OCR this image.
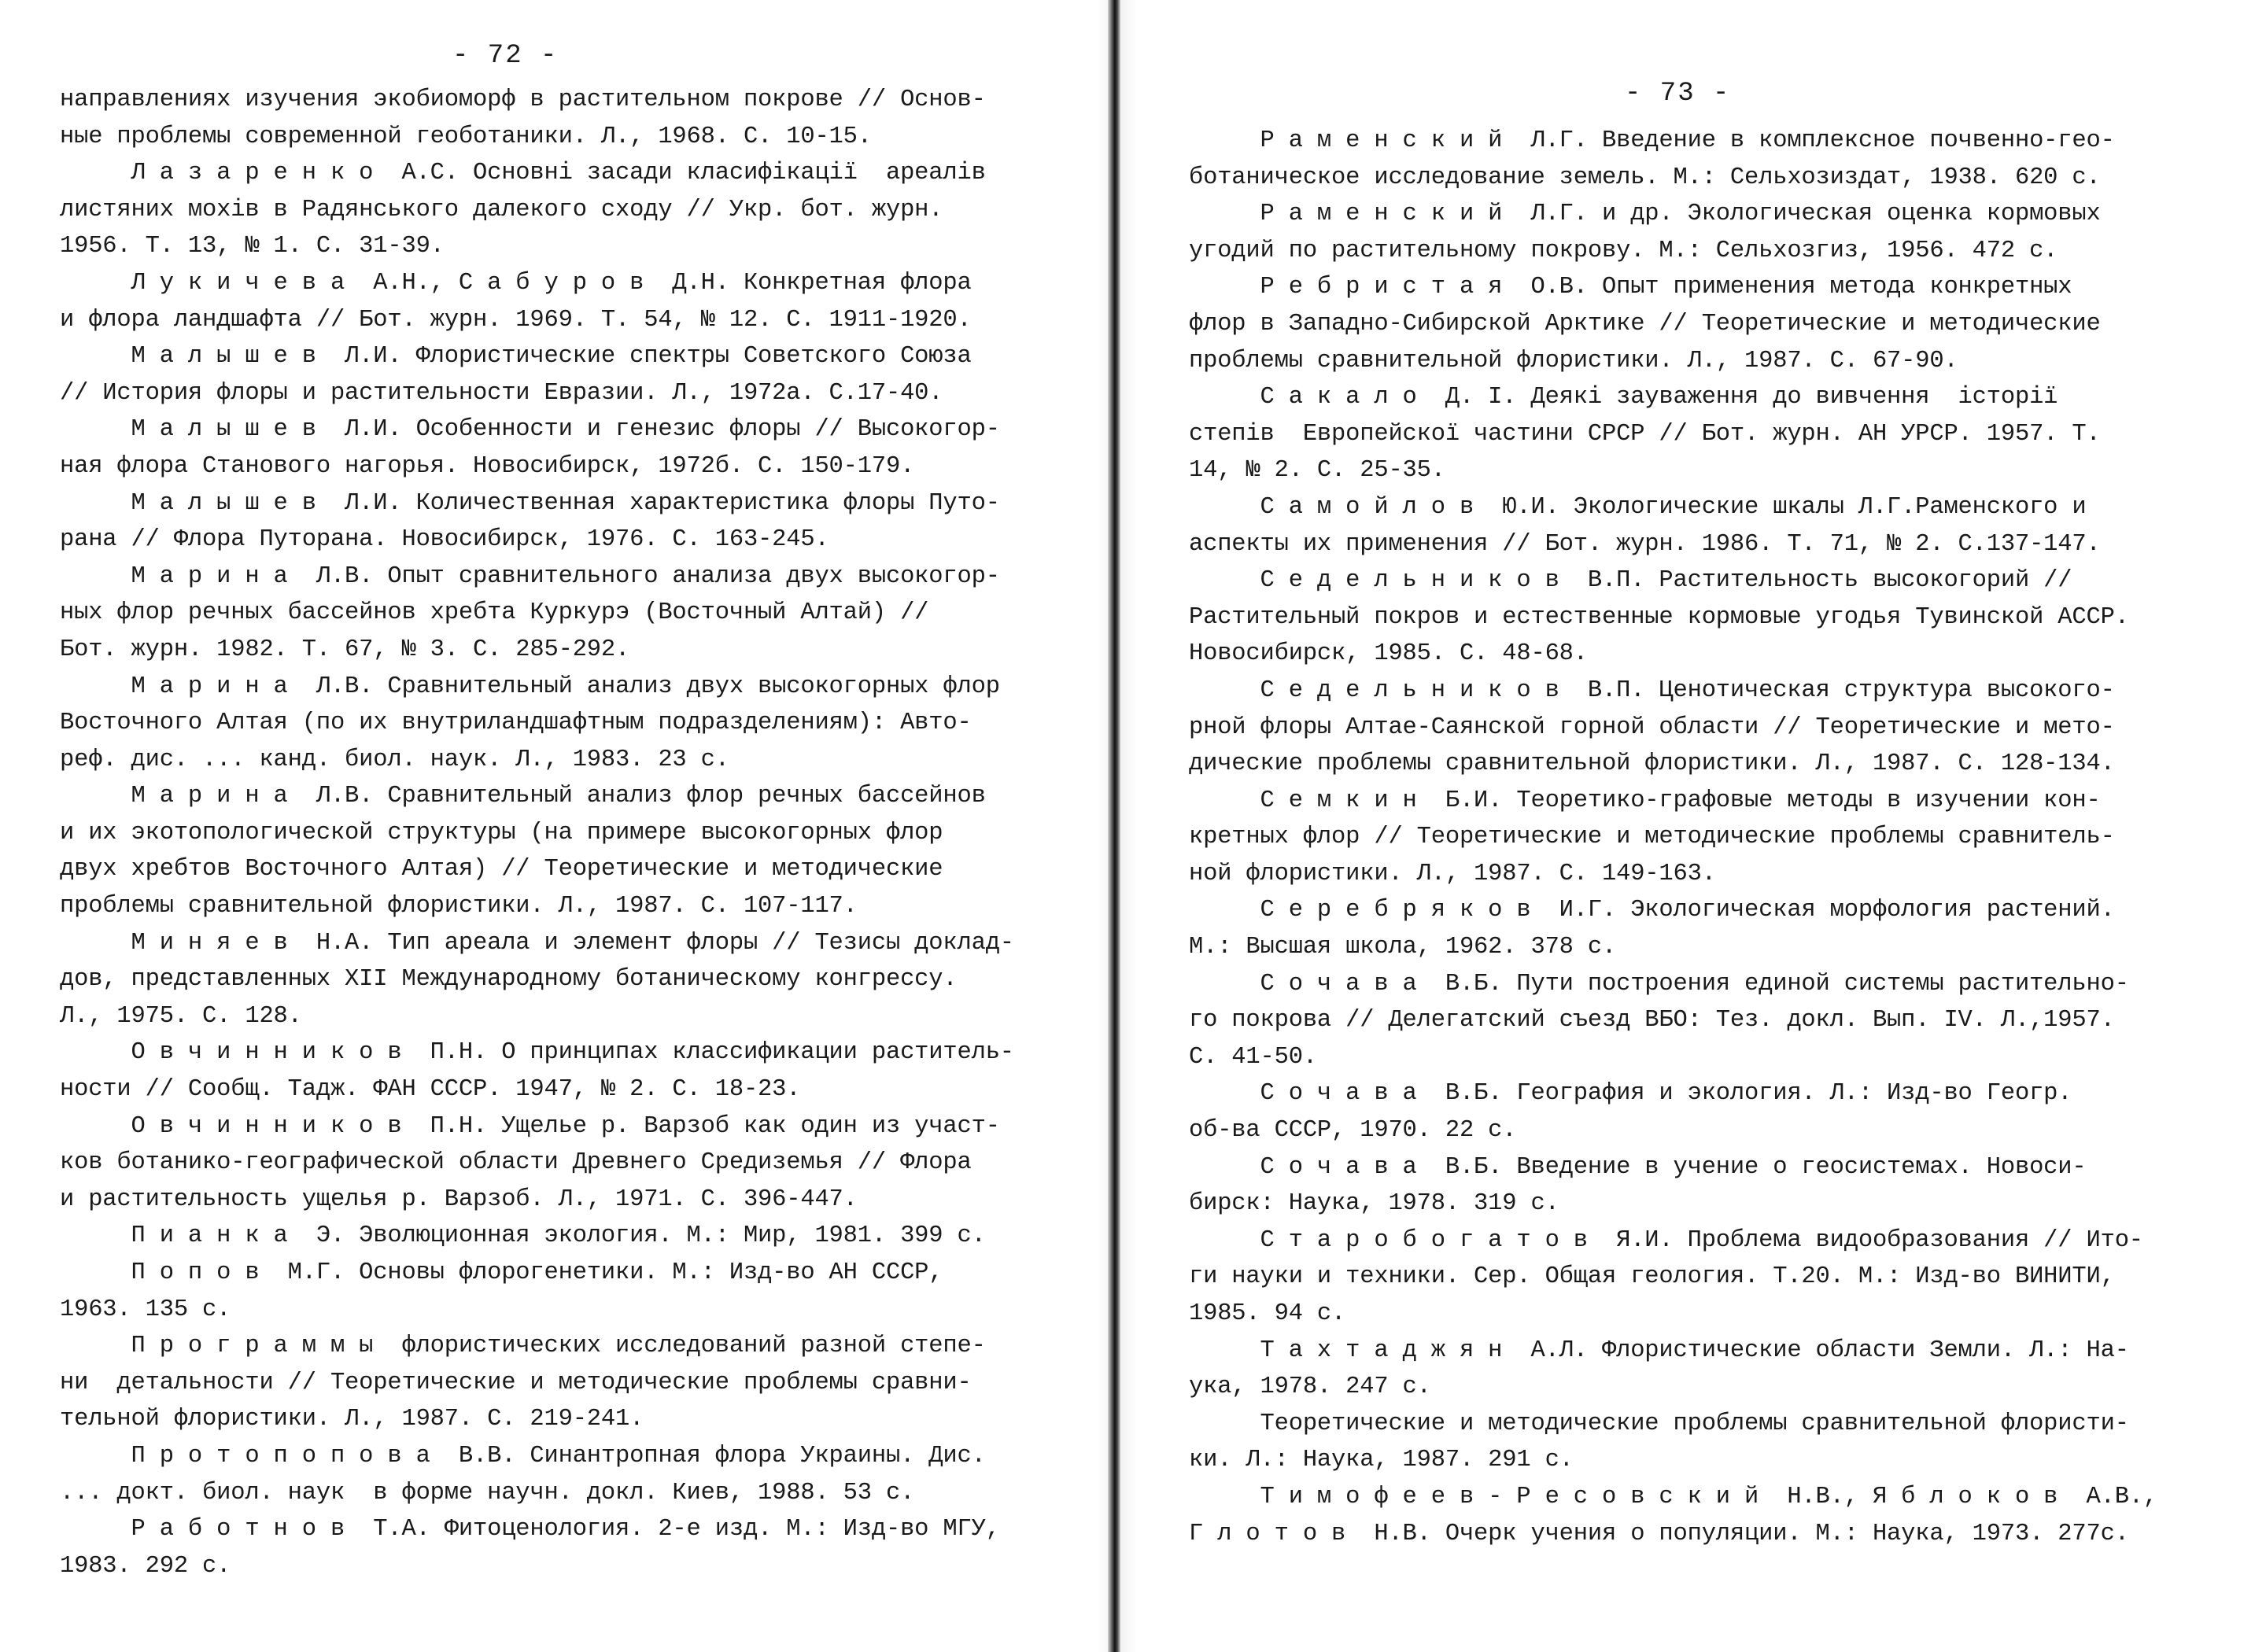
- 72 -
направлениях изучения экобиоморф в растительном покрове // Основ-
ные проблемы современной геоботаники. Л., 1968. С. 10-15.
Л а з а р е н к о  А.С. Основні засади класифікації  ареалів
листяних мохів в Радянського далекого сходу // Укр. бот. журн.
1956. Т. 13, № 1. С. 31-39.
Л у к и ч е в а  А.Н., С а б у р о в  Д.Н. Конкретная флора
и флора ландшафта // Бот. журн. 1969. Т. 54, № 12. С. 1911-1920.
М а л ы ш е в  Л.И. Флористические спектры Советского Союза
// История флоры и растительности Евразии. Л., 1972а. С.17-40.
М а л ы ш е в  Л.И. Особенности и генезис флоры // Высокогор-
ная флора Станового нагорья. Новосибирск, 1972б. С. 150-179.
М а л ы ш е в  Л.И. Количественная характеристика флоры Путо-
рана // Флора Путорана. Новосибирск, 1976. С. 163-245.
М а р и н а  Л.В. Опыт сравнительного анализа двух высокогор-
ных флор речных бассейнов хребта Куркурэ (Восточный Алтай) //
Бот. журн. 1982. Т. 67, № 3. С. 285-292.
М а р и н а  Л.В. Сравнительный анализ двух высокогорных флор
Восточного Алтая (по их внутриландшафтным подразделениям): Авто-
реф. дис. ... канд. биол. наук. Л., 1983. 23 с.
М а р и н а  Л.В. Сравнительный анализ флор речных бассейнов
и их экотопологической структуры (на примере высокогорных флор
двух хребтов Восточного Алтая) // Теоретические и методические
проблемы сравнительной флористики. Л., 1987. С. 107-117.
М и н я е в  Н.А. Тип ареала и элемент флоры // Тезисы доклад-
дов, представленных XII Международному ботаническому конгрессу.
Л., 1975. С. 128.
О в ч и н н и к о в  П.Н. О принципах классификации раститель-
ности // Сообщ. Тадж. ФАН СССР. 1947, № 2. С. 18-23.
О в ч и н н и к о в  П.Н. Ущелье р. Варзоб как один из участ-
ков ботанико-географической области Древнего Средиземья // Флора
и растительность ущелья р. Варзоб. Л., 1971. С. 396-447.
П и а н к а  Э. Эволюционная экология. М.: Мир, 1981. 399 с.
П о п о в  М.Г. Основы флорогенетики. М.: Изд-во АН СССР,
1963. 135 с.
П р о г р а м м ы  флористических исследований разной степе-
ни  детальности // Теоретические и методические проблемы сравни-
тельной флористики. Л., 1987. С. 219-241.
П р о т о п о п о в а  В.В. Синантропная флора Украины. Дис.
... докт. биол. наук  в форме научн. докл. Киев, 1988. 53 с.
Р а б о т н о в  Т.А. Фитоценология. 2-е изд. М.: Изд-во МГУ,
1983. 292 с.
- 73 -
Р а м е н с к и й  Л.Г. Введение в комплексное почвенно-гео-
ботаническое исследование земель. М.: Сельхозиздат, 1938. 620 с.
Р а м е н с к и й  Л.Г. и др. Экологическая оценка кормовых
угодий по растительному покрову. М.: Сельхозгиз, 1956. 472 с.
Р е б р и с т а я  О.В. Опыт применения метода конкретных
флор в Западно-Сибирской Арктике // Теоретические и методические
проблемы сравнительной флористики. Л., 1987. С. 67-90.
С а к а л о  Д. І. Деякі зауваження до вивчення  історії
степів  Европейскої частини СРСР // Бот. журн. АН УРСР. 1957. Т.
14, № 2. С. 25-35.
С а м о й л о в  Ю.И. Экологические шкалы Л.Г.Раменского и
аспекты их применения // Бот. журн. 1986. Т. 71, № 2. С.137-147.
С е д е л ь н и к о в  В.П. Растительность высокогорий //
Растительный покров и естественные кормовые угодья Тувинской АССР.
Новосибирск, 1985. С. 48-68.
С е д е л ь н и к о в  В.П. Ценотическая структура высокого-
рной флоры Алтае-Саянской горной области // Теоретические и мето-
дические проблемы сравнительной флористики. Л., 1987. С. 128-134.
С е м к и н  Б.И. Теоретико-графовые методы в изучении кон-
кретных флор // Теоретические и методические проблемы сравнитель-
ной флористики. Л., 1987. С. 149-163.
С е р е б р я к о в  И.Г. Экологическая морфология растений.
М.: Высшая школа, 1962. 378 с.
С о ч а в а  В.Б. Пути построения единой системы растительно-
го покрова // Делегатский съезд ВБО: Тез. докл. Вып. IV. Л.,1957.
С. 41-50.
С о ч а в а  В.Б. География и экология. Л.: Изд-во Геогр.
об-ва СССР, 1970. 22 с.
С о ч а в а  В.Б. Введение в учение о геосистемах. Новоси-
бирск: Наука, 1978. 319 с.
С т а р о б о г а т о в  Я.И. Проблема видообразования // Ито-
ги науки и техники. Сер. Общая геология. Т.20. М.: Изд-во ВИНИТИ,
1985. 94 с.
Т а х т а д ж я н  А.Л. Флористические области Земли. Л.: На-
ука, 1978. 247 с.
Теоретические и методические проблемы сравнительной флористи-
ки. Л.: Наука, 1987. 291 с.
Т и м о ф е е в - Р е с о в с к и й  Н.В., Я б л о к о в  А.В.,
Г л о т о в  Н.В. Очерк учения о популяции. М.: Наука, 1973. 277с.
